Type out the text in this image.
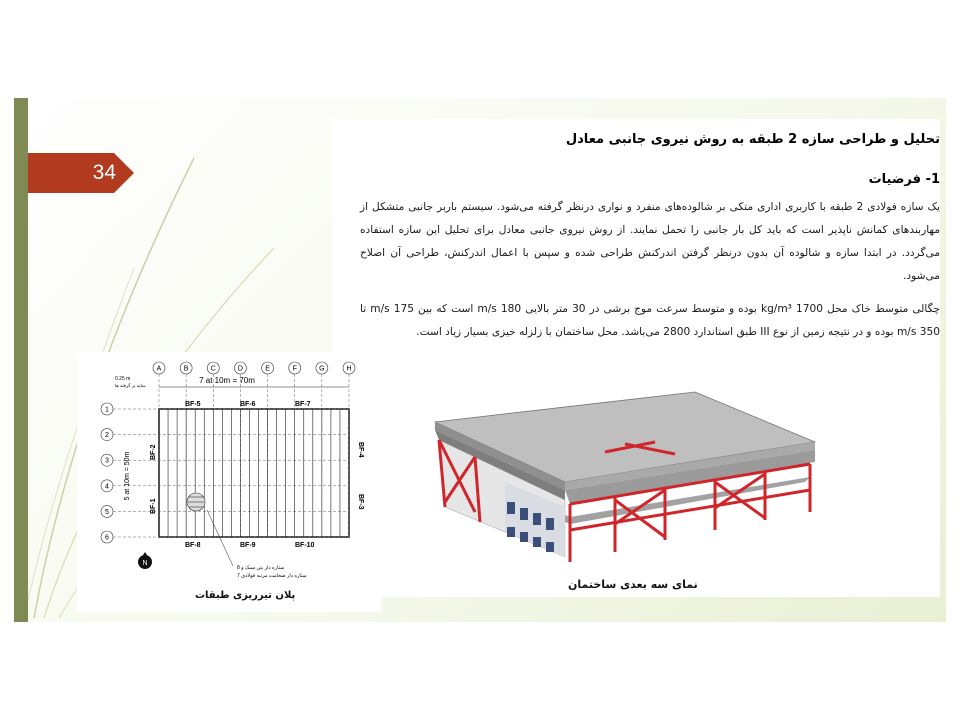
34
تحلیل و طراحی سازه 2 طبقه به روش نیروی جانبی معادل
1- فرضیات
یک سازه فولادی 2 طبقه با کاربری اداری متکی بر شالوده‌های منفرد و نواری درنظر گرفته می‌شود. سیستم باربر جانبی متشکل از مهاربندهای کمانش ناپذیر است که باید کل بار جانبی را تحمل نمایند. از روش نیروی جانبی معادل برای تحلیل این سازه استفاده می‌گردد. در ابتدا سازه و شالوده آن بدون درنظر گرفتن اندرکنش طراحی شده و سپس با اعمال اندرکنش، طراحی آن اصلاح می‌شود.
چگالی متوسط خاک محل 1700 kg/m³ بوده و متوسط سرعت موج برشی در 30 متر بالایی 180 m/s است که بین 175 m/s تا 350 m/s بوده و در نتیجه زمین از نوع III طبق استاندارد 2800 می‌باشد. محل ساختمان با زلزله خیزی بسیار زیاد است.
نمای سه بعدی ساختمان
A	B	C	D	E	F	G	H
1
2
3
4
5
6
7 at 10m = 70m
0.25 m
سایه بر گرفته ها
5 at 10m = 50m
BF-5	BF-6	BF-7
BF-8	BF-9	BF-10
BF-2
BF-1
BF-4
BF-3
N
8 ستاره دار بتن سبک و
7 ستاره دار ضخامت مرتبه فولادی
پلان تیرریزی طبقات
